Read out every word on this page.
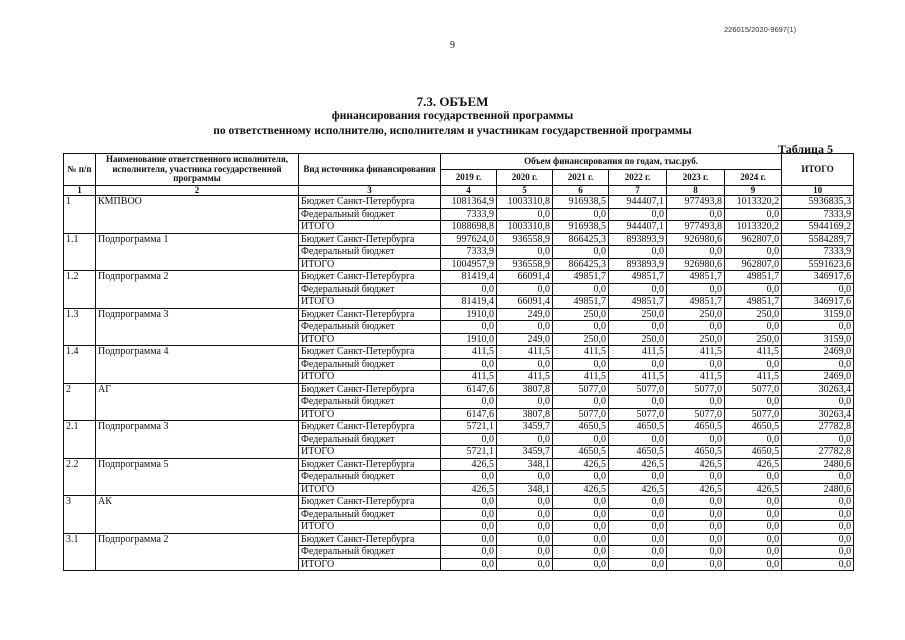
226015/2020-9697(1)
9
7.3. ОБЪЕМ
финансирования государственной программы
по ответственному исполнителю, исполнителям и участникам государственной программы
Таблица 5
№ п/п	Наименование ответственного исполнителя, исполнителя, участника государственной программы	Вид источника финансирования	Объем финансирования по годам, тыс.руб.						ИТОГО
			2019 г.	2020 г.	2021 г.	2022 г.	2023 г.	2024 г.	
1	2	3	4	5	6	7	8	9	10
1	КМПВОО	Бюджет Санкт-Петербурга	1081364,9	1003310,8	916938,5	944407,1	977493,8	1013320,2	5936835,3
		Федеральный бюджет	7333,9	0,0	0,0	0,0	0,0	0,0	7333,9
		ИТОГО	1088698,8	1003310,8	916938,5	944407,1	977493,8	1013320,2	5944169,2
1.1	Подпрограмма 1	Бюджет Санкт-Петербурга	997624,0	936558,9	866425,3	893893,9	926980,6	962807,0	5584289,7
		Федеральный бюджет	7333,9	0,0	0,0	0,0	0,0	0,0	7333,9
		ИТОГО	1004957,9	936558,9	866425,3	893893,9	926980,6	962807,0	5591623,6
1.2	Подпрограмма 2	Бюджет Санкт-Петербурга	81419,4	66091,4	49851,7	49851,7	49851,7	49851,7	346917,6
		Федеральный бюджет	0,0	0,0	0,0	0,0	0,0	0,0	0,0
		ИТОГО	81419,4	66091,4	49851,7	49851,7	49851,7	49851,7	346917,6
1.3	Подпрограмма 3	Бюджет Санкт-Петербурга	1910,0	249,0	250,0	250,0	250,0	250,0	3159,0
		Федеральный бюджет	0,0	0,0	0,0	0,0	0,0	0,0	0,0
		ИТОГО	1910,0	249,0	250,0	250,0	250,0	250,0	3159,0
1.4	Подпрограмма 4	Бюджет Санкт-Петербурга	411,5	411,5	411,5	411,5	411,5	411,5	2469,0
		Федеральный бюджет	0,0	0,0	0,0	0,0	0,0	0,0	0,0
		ИТОГО	411,5	411,5	411,5	411,5	411,5	411,5	2469,0
2	АГ	Бюджет Санкт-Петербурга	6147,6	3807,8	5077,0	5077,0	5077,0	5077,0	30263,4
		Федеральный бюджет	0,0	0,0	0,0	0,0	0,0	0,0	0,0
		ИТОГО	6147,6	3807,8	5077,0	5077,0	5077,0	5077,0	30263,4
2.1	Подпрограмма 3	Бюджет Санкт-Петербурга	5721,1	3459,7	4650,5	4650,5	4650,5	4650,5	27782,8
		Федеральный бюджет	0,0	0,0	0,0	0,0	0,0	0,0	0,0
		ИТОГО	5721,1	3459,7	4650,5	4650,5	4650,5	4650,5	27782,8
2.2	Подпрограмма 5	Бюджет Санкт-Петербурга	426,5	348,1	426,5	426,5	426,5	426,5	2480,6
		Федеральный бюджет	0,0	0,0	0,0	0,0	0,0	0,0	0,0
		ИТОГО	426,5	348,1	426,5	426,5	426,5	426,5	2480,6
3	АК	Бюджет Санкт-Петербурга	0,0	0,0	0,0	0,0	0,0	0,0	0,0
		Федеральный бюджет	0,0	0,0	0,0	0,0	0,0	0,0	0,0
		ИТОГО	0,0	0,0	0,0	0,0	0,0	0,0	0,0
3.1	Подпрограмма 2	Бюджет Санкт-Петербурга	0,0	0,0	0,0	0,0	0,0	0,0	0,0
		Федеральный бюджет	0,0	0,0	0,0	0,0	0,0	0,0	0,0
		ИТОГО	0,0	0,0	0,0	0,0	0,0	0,0	0,0
